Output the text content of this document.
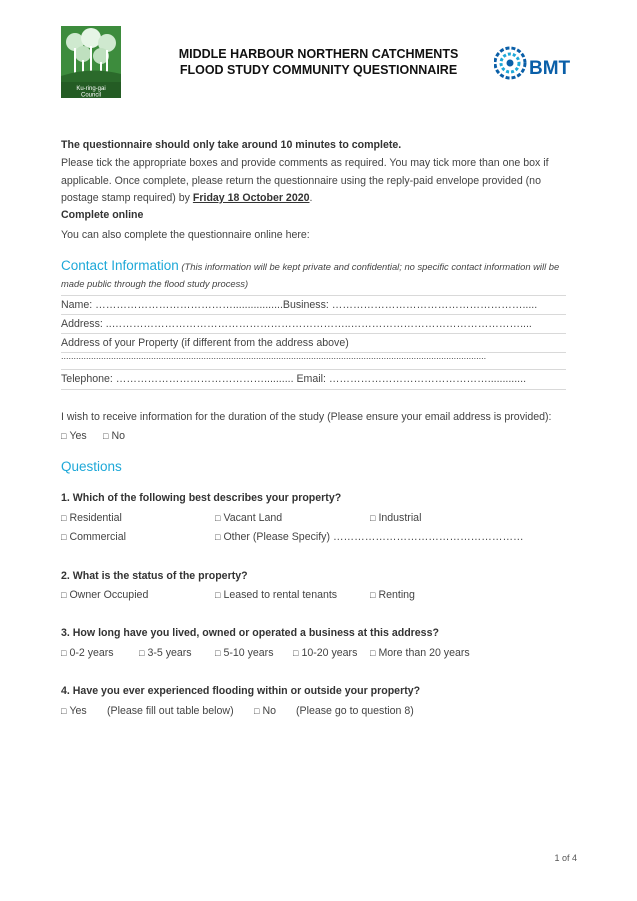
Ku-ring-gai
Council
MIDDLE HARBOUR NORTHERN CATCHMENTS
FLOOD STUDY COMMUNITY QUESTIONNAIRE	BMT
The questionnaire should only take around 10 minutes to complete.
Please tick the appropriate boxes and provide comments as required. You may tick more than one box if applicable. Once complete, please return the questionnaire using the reply-paid envelope provided (no postage stamp required) by Friday 18 October 2020.
Complete online
You can also complete the questionnaire online here:
Contact Information (This information will be kept private and confidential; no specific contact information will be made public through the flood study process)
Name: ………………………………….................Business: ……………………………………………….....
Address: ..…………………………………………………………..…………………………………………....
Address of your Property (if different from the address above)
..........................................................................................................................................................................
Telephone: …………………………………….......... Email: ……………………………………….............
I wish to receive information for the duration of the study (Please ensure your email address is provided):
□ Yes □ No
Questions
1. Which of the following best describes your property?
□ Residential	□ Vacant Land	□ Industrial
□ Commercial	□ Other (Please Specify) ………………………………………………
2. What is the status of the property?
□ Owner Occupied	□ Leased to rental tenants	□ Renting
3. How long have you lived, owned or operated a business at this address?
□ 0-2 years	□ 3-5 years	□ 5-10 years □ 10-20 years □ More than 20 years
4. Have you ever experienced flooding within or outside your property?
□ Yes (Please fill out table below) □ No (Please go to question 8)
1 of 4
